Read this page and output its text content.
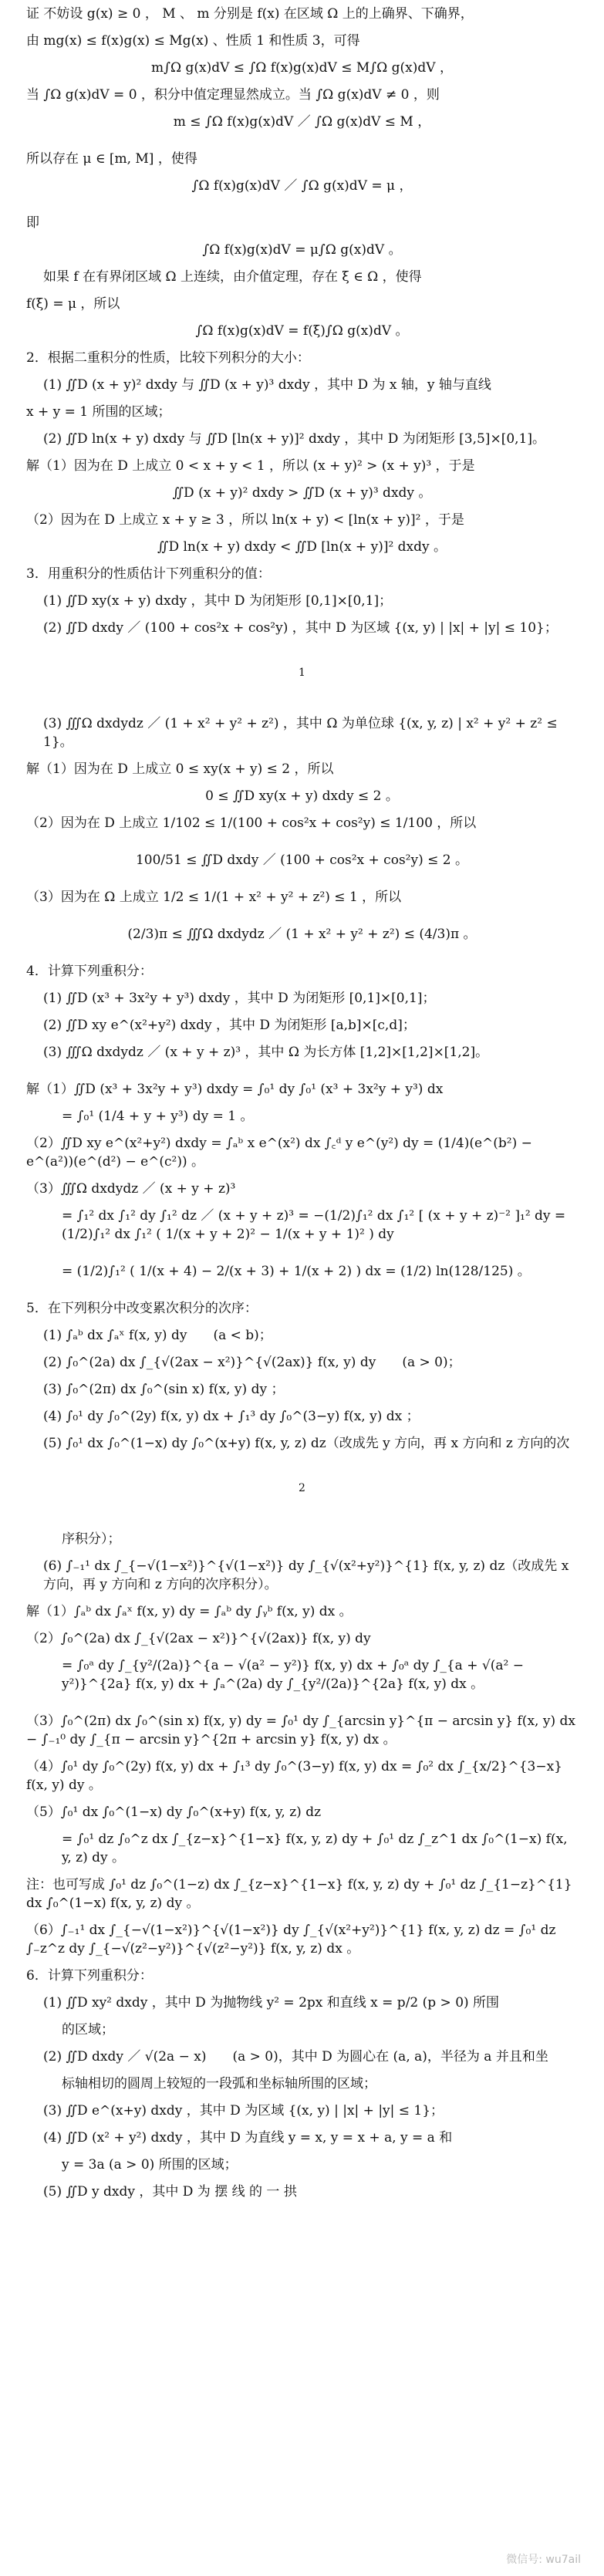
证 不妨设 g(x) ≥ 0 ， M 、 m 分别是 f(x) 在区域 Ω 上的上确界、下确界，

由 mg(x) ≤ f(x)g(x) ≤ Mg(x) 、性质 1 和性质 3，可得

m∫Ω g(x)dV ≤ ∫Ω f(x)g(x)dV ≤ M∫Ω g(x)dV ，

当 ∫Ω g(x)dV = 0 ，积分中值定理显然成立。当 ∫Ω g(x)dV ≠ 0 ，则

m ≤ ∫Ω f(x)g(x)dV ／ ∫Ω g(x)dV ≤ M ，

所以存在 μ ∈ [m, M] ，使得

∫Ω f(x)g(x)dV ／ ∫Ω g(x)dV = μ ，

即

∫Ω f(x)g(x)dV = μ∫Ω g(x)dV 。

如果 f 在有界闭区域 Ω 上连续，由介值定理，存在 ξ ∈ Ω ，使得

f(ξ) = μ ，所以

∫Ω f(x)g(x)dV = f(ξ)∫Ω g(x)dV 。

2．根据二重积分的性质，比较下列积分的大小：

(1) ∬D (x + y)² dxdy 与 ∬D (x + y)³ dxdy ，其中 D 为 x 轴，y 轴与直线

x + y = 1 所围的区域；

(2) ∬D ln(x + y) dxdy 与 ∬D [ln(x + y)]² dxdy ，其中 D 为闭矩形 [3,5]×[0,1]。

解（1）因为在 D 上成立 0 < x + y < 1 ，所以 (x + y)² > (x + y)³ ，于是

∬D (x + y)² dxdy > ∬D (x + y)³ dxdy 。

（2）因为在 D 上成立 x + y ≥ 3 ，所以 ln(x + y) < [ln(x + y)]² ，于是

∬D ln(x + y) dxdy < ∬D [ln(x + y)]² dxdy 。

3．用重积分的性质估计下列重积分的值：

(1) ∬D xy(x + y) dxdy ，其中 D 为闭矩形 [0,1]×[0,1]；

(2) ∬D dxdy ／ (100 + cos²x + cos²y) ，其中 D 为区域 {(x, y) | |x| + |y| ≤ 10}；

1

(3) ∭Ω dxdydz ／ (1 + x² + y² + z²) ，其中 Ω 为单位球 {(x, y, z) | x² + y² + z² ≤ 1}。

解（1）因为在 D 上成立 0 ≤ xy(x + y) ≤ 2 ，所以

0 ≤ ∬D xy(x + y) dxdy ≤ 2 。

（2）因为在 D 上成立 1/102 ≤ 1/(100 + cos²x + cos²y) ≤ 1/100 ，所以

100/51 ≤ ∬D dxdy ／ (100 + cos²x + cos²y) ≤ 2 。

（3）因为在 Ω 上成立 1/2 ≤ 1/(1 + x² + y² + z²) ≤ 1 ，所以

(2/3)π ≤ ∭Ω dxdydz ／ (1 + x² + y² + z²) ≤ (4/3)π 。

4．计算下列重积分：

(1) ∬D (x³ + 3x²y + y³) dxdy ，其中 D 为闭矩形 [0,1]×[0,1]；

(2) ∬D xy e^(x²+y²) dxdy ，其中 D 为闭矩形 [a,b]×[c,d]；

(3) ∭Ω dxdydz ／ (x + y + z)³ ，其中 Ω 为长方体 [1,2]×[1,2]×[1,2]。

解（1）∬D (x³ + 3x²y + y³) dxdy = ∫₀¹ dy ∫₀¹ (x³ + 3x²y + y³) dx

= ∫₀¹ (1/4 + y + y³) dy = 1 。

（2）∬D xy e^(x²+y²) dxdy = ∫ₐᵇ x e^(x²) dx ∫꜀ᵈ y e^(y²) dy = (1/4)(e^(b²) − e^(a²))(e^(d²) − e^(c²)) 。

（3）∭Ω dxdydz ／ (x + y + z)³

= ∫₁² dx ∫₁² dy ∫₁² dz ／ (x + y + z)³ = −(1/2)∫₁² dx ∫₁² [ (x + y + z)⁻² ]₁² dy = (1/2)∫₁² dx ∫₁² ( 1/(x + y + 2)² − 1/(x + y + 1)² ) dy

= (1/2)∫₁² ( 1/(x + 4) − 2/(x + 3) + 1/(x + 2) ) dx = (1/2) ln(128/125) 。

5．在下列积分中改变累次积分的次序：

(1) ∫ₐᵇ dx ∫ₐˣ f(x, y) dy　　(a < b)；

(2) ∫₀^(2a) dx ∫_{√(2ax − x²)}^{√(2ax)} f(x, y) dy　　(a > 0)；

(3) ∫₀^(2π) dx ∫₀^(sin x) f(x, y) dy ；

(4) ∫₀¹ dy ∫₀^(2y) f(x, y) dx + ∫₁³ dy ∫₀^(3−y) f(x, y) dx ；

(5) ∫₀¹ dx ∫₀^(1−x) dy ∫₀^(x+y) f(x, y, z) dz（改成先 y 方向，再 x 方向和 z 方向的次

2

序积分）；

(6) ∫₋₁¹ dx ∫_{−√(1−x²)}^{√(1−x²)} dy ∫_{√(x²+y²)}^{1} f(x, y, z) dz（改成先 x 方向，再 y 方向和 z 方向的次序积分）。

解（1）∫ₐᵇ dx ∫ₐˣ f(x, y) dy = ∫ₐᵇ dy ∫ᵧᵇ f(x, y) dx 。

（2）∫₀^(2a) dx ∫_{√(2ax − x²)}^{√(2ax)} f(x, y) dy

= ∫₀ᵃ dy ∫_{y²/(2a)}^{a − √(a² − y²)} f(x, y) dx + ∫₀ᵃ dy ∫_{a + √(a² − y²)}^{2a} f(x, y) dx + ∫ₐ^(2a) dy ∫_{y²/(2a)}^{2a} f(x, y) dx 。

（3）∫₀^(2π) dx ∫₀^(sin x) f(x, y) dy = ∫₀¹ dy ∫_{arcsin y}^{π − arcsin y} f(x, y) dx − ∫₋₁⁰ dy ∫_{π − arcsin y}^{2π + arcsin y} f(x, y) dx 。

（4）∫₀¹ dy ∫₀^(2y) f(x, y) dx + ∫₁³ dy ∫₀^(3−y) f(x, y) dx = ∫₀² dx ∫_{x/2}^{3−x} f(x, y) dy 。

（5）∫₀¹ dx ∫₀^(1−x) dy ∫₀^(x+y) f(x, y, z) dz

= ∫₀¹ dz ∫₀^z dx ∫_{z−x}^{1−x} f(x, y, z) dy + ∫₀¹ dz ∫_z^1 dx ∫₀^(1−x) f(x, y, z) dy 。

注：也可写成 ∫₀¹ dz ∫₀^(1−z) dx ∫_{z−x}^{1−x} f(x, y, z) dy + ∫₀¹ dz ∫_{1−z}^{1} dx ∫₀^(1−x) f(x, y, z) dy 。

（6）∫₋₁¹ dx ∫_{−√(1−x²)}^{√(1−x²)} dy ∫_{√(x²+y²)}^{1} f(x, y, z) dz = ∫₀¹ dz ∫₋z^z dy ∫_{−√(z²−y²)}^{√(z²−y²)} f(x, y, z) dx 。

6．计算下列重积分：

(1) ∬D xy² dxdy ，其中 D 为抛物线 y² = 2px 和直线 x = p/2 (p > 0) 所围

的区域；

(2) ∬D dxdy ／ √(2a − x)　　(a > 0)，其中 D 为圆心在 (a, a)，半径为 a 并且和坐

标轴相切的圆周上较短的一段弧和坐标轴所围的区域；

(3) ∬D e^(x+y) dxdy ，其中 D 为区域 {(x, y) | |x| + |y| ≤ 1}；

(4) ∬D (x² + y²) dxdy ，其中 D 为直线 y = x, y = x + a, y = a 和

y = 3a (a > 0) 所围的区域；

(5) ∬D y dxdy ，其中 D 为 摆 线 的 一 拱

微信号: wu7ail
